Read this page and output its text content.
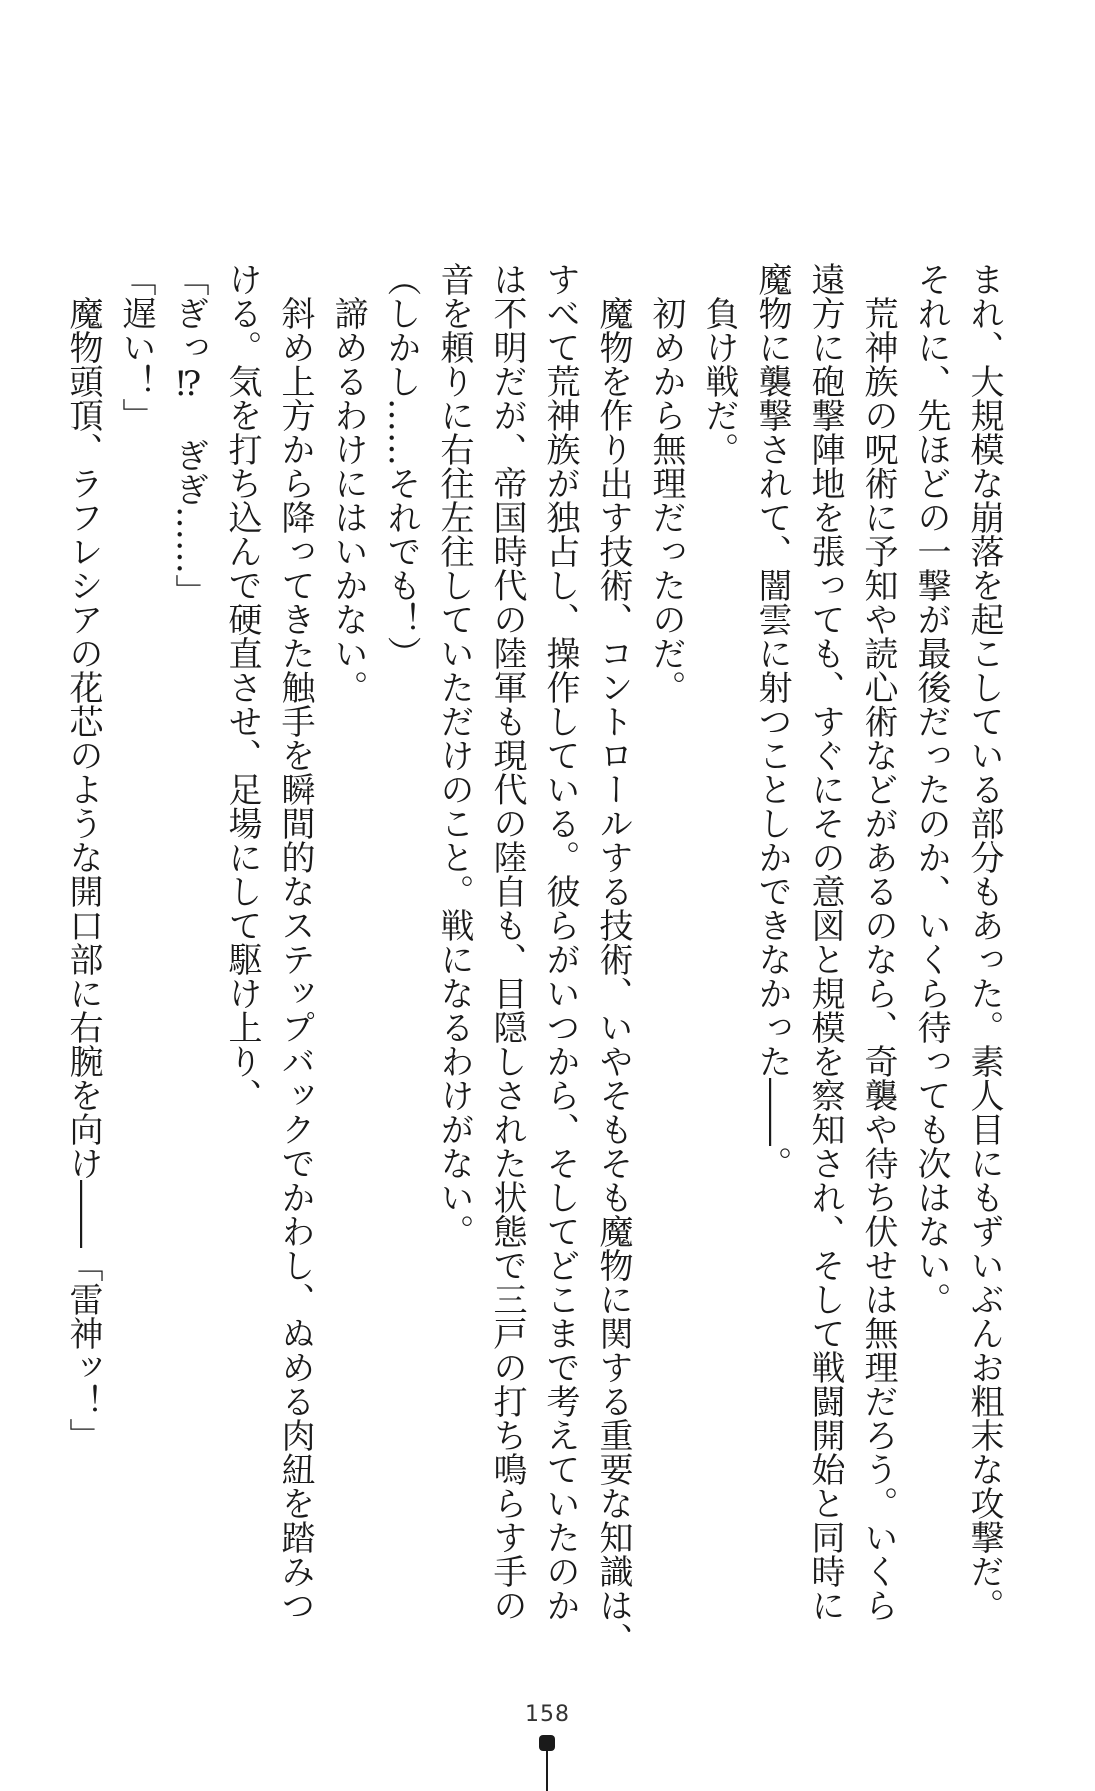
まれ、大規模な崩落を起こしている部分もあった。素人目にもずいぶんお粗末な攻撃だ。
それに、先ほどの一撃が最後だったのか、いくら待っても次はない。
荒神族の呪術に予知や読心術などがあるのなら、奇襲や待ち伏せは無理だろう。いくら
遠方に砲撃陣地を張っても、すぐにその意図と規模を察知され、そして戦闘開始と同時に
魔物に襲撃されて、闇雲に射つことしかできなかった――。
負け戦だ。
初めから無理だったのだ。
魔物を作り出す技術、コントロールする技術、いやそもそも魔物に関する重要な知識は、
すべて荒神族が独占し、操作している。彼らがいつから、そしてどこまで考えていたのか
は不明だが、帝国時代の陸軍も現代の陸自も、目隠しされた状態で三戸の打ち鳴らす手の
音を頼りに右往左往していただけのこと。戦になるわけがない。
（しかし……それでも！）
諦めるわけにはいかない。
斜め上方から降ってきた触手を瞬間的なステップバックでかわし、ぬめる肉紐を踏みつ
ける。気を打ち込んで硬直させ、足場にして駆け上り、
「ぎっ⁉　ぎぎ……」
「遅い！」
魔物頭頂、ラフレシアの花芯のような開口部に右腕を向け――「雷神ッ！」
158
